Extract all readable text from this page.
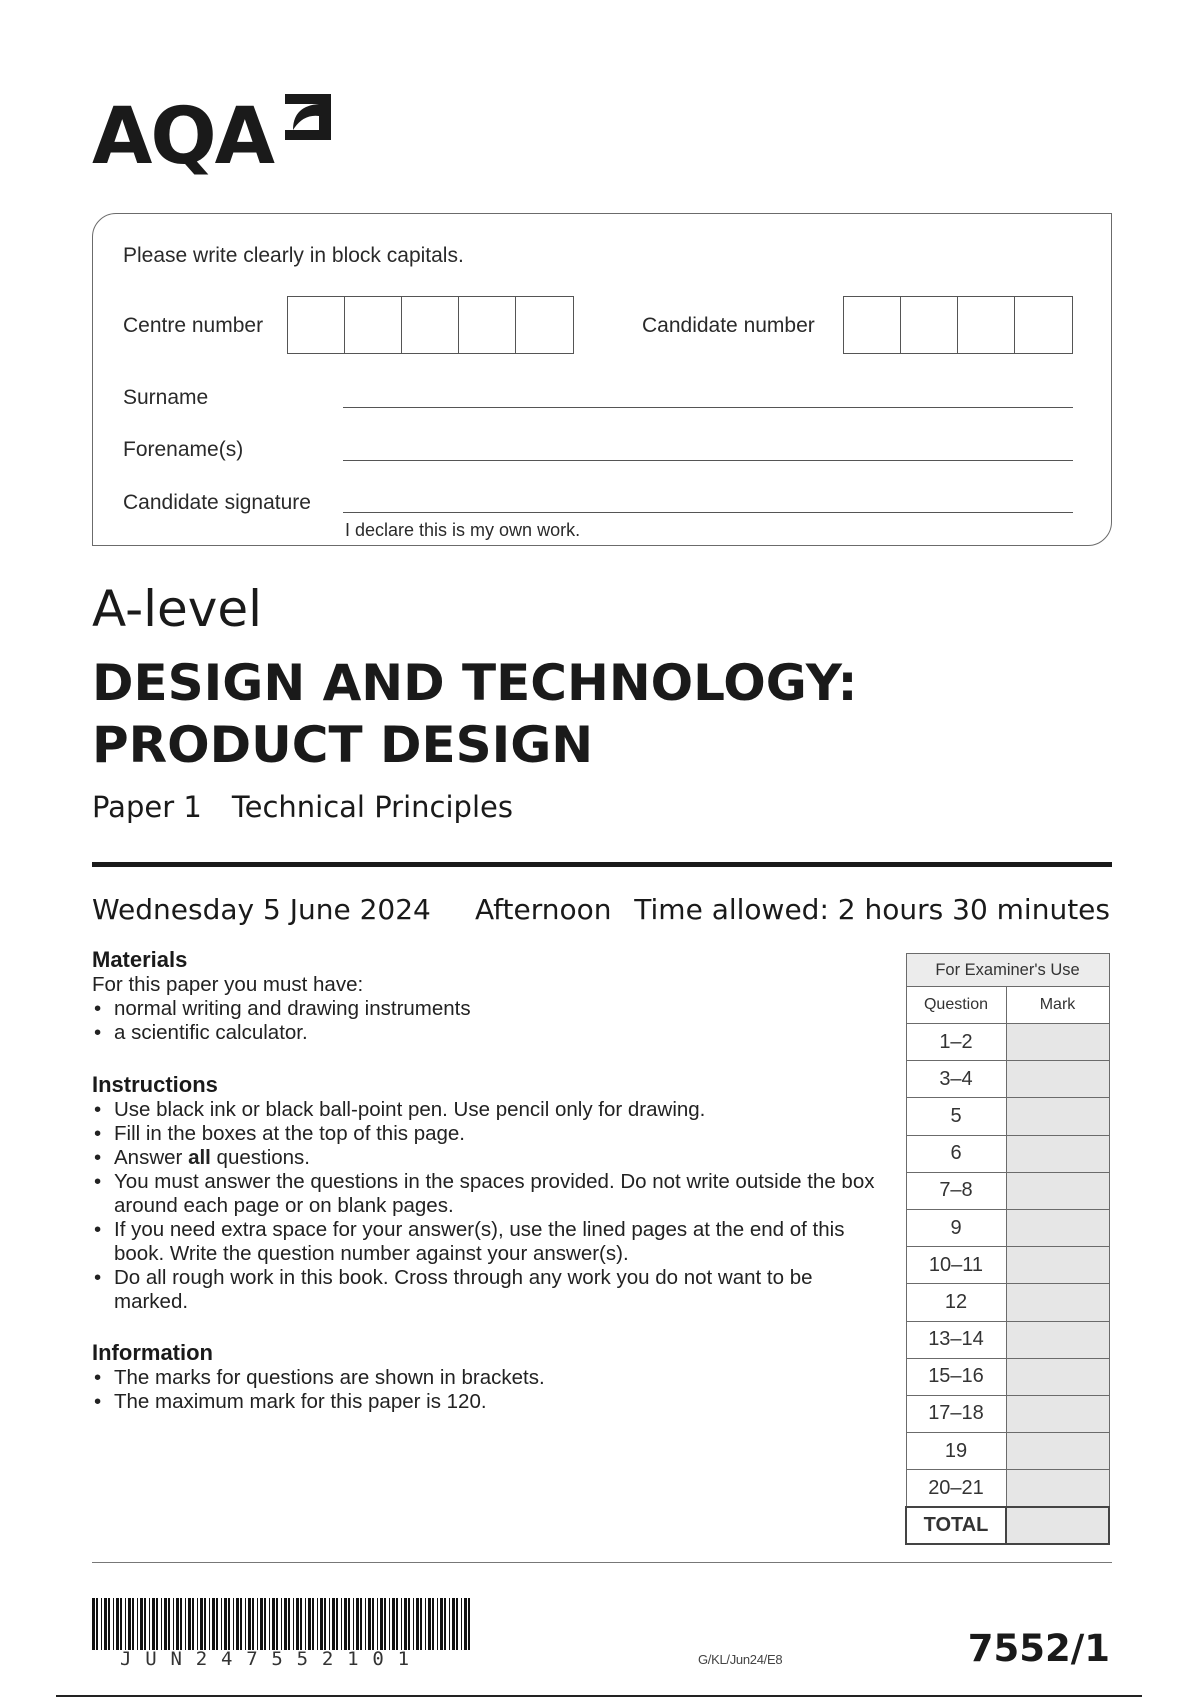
AQA
Please write clearly in block capitals.
Centre number	Candidate number
Surname
Forename(s)
Candidate signature
I declare this is my own work.
A-level
DESIGN AND TECHNOLOGY:
PRODUCT DESIGN
Paper 1 Technical Principles
Wednesday 5 June 2024 Afternoon Time allowed: 2 hours 30 minutes
Materials
For this paper you must have:
• normal writing and drawing instruments
• a scientific calculator.
Instructions
• Use black ink or black ball-point pen. Use pencil only for drawing.
• Fill in the boxes at the top of this page.
• Answer all questions.
• You must answer the questions in the spaces provided. Do not write outside the box around each page or on blank pages.
• If you need extra space for your answer(s), use the lined pages at the end of this book. Write the question number against your answer(s).
• Do all rough work in this book. Cross through any work you do not want to be marked.
Information
• The marks for questions are shown in brackets.
• The maximum mark for this paper is 120.
For Examiner's Use	
Question	Mark
1–2	
3–4	
5	
6	
7–8	
9	
10–11	
12	
13–14	
15–16	
17–18	
19	
20–21	
TOTAL	
JUN247552101	G/KL/Jun24/E8	7552/1
